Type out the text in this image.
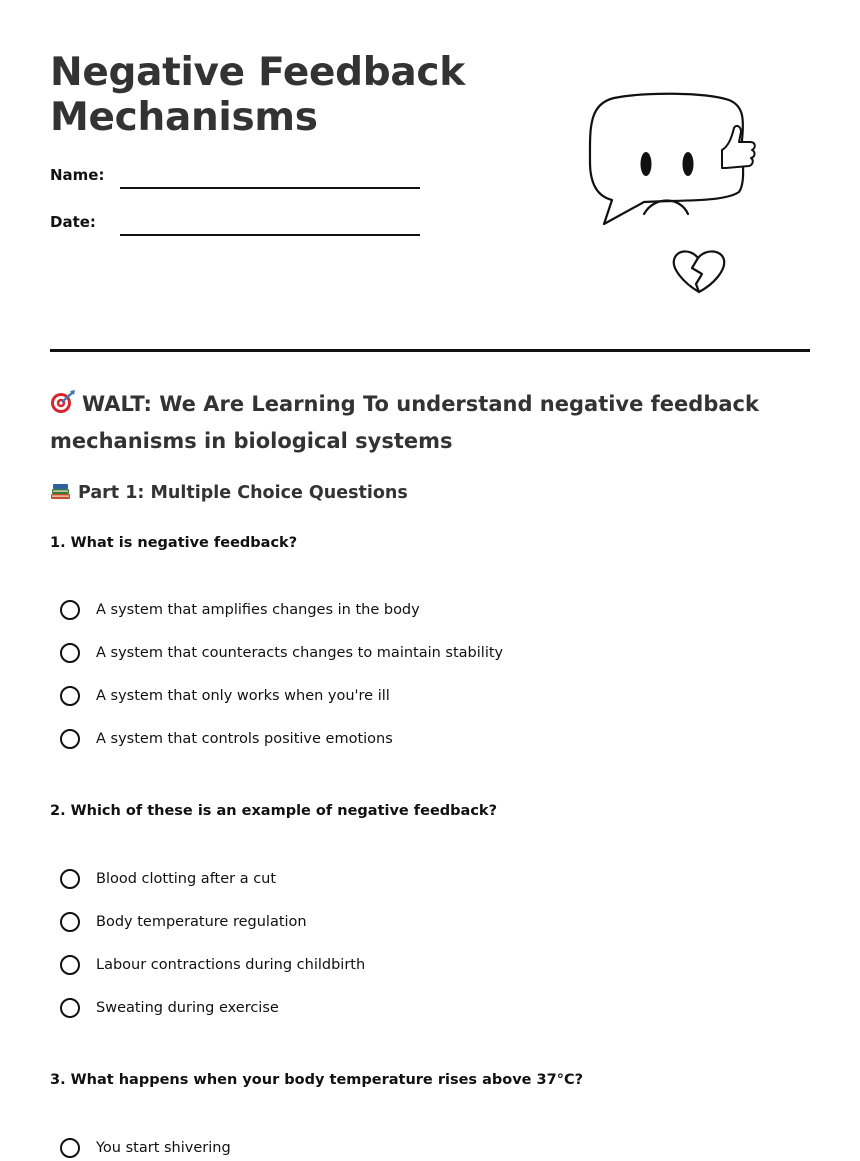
Negative Feedback
Mechanisms
Name:
Date:
WALT: We Are Learning To understand negative feedback mechanisms in biological systems
Part 1: Multiple Choice Questions
1. What is negative feedback?
A system that amplifies changes in the body
A system that counteracts changes to maintain stability
A system that only works when you're ill
A system that controls positive emotions
2. Which of these is an example of negative feedback?
Blood clotting after a cut
Body temperature regulation
Labour contractions during childbirth
Sweating during exercise
3. What happens when your body temperature rises above 37°C?
You start shivering
